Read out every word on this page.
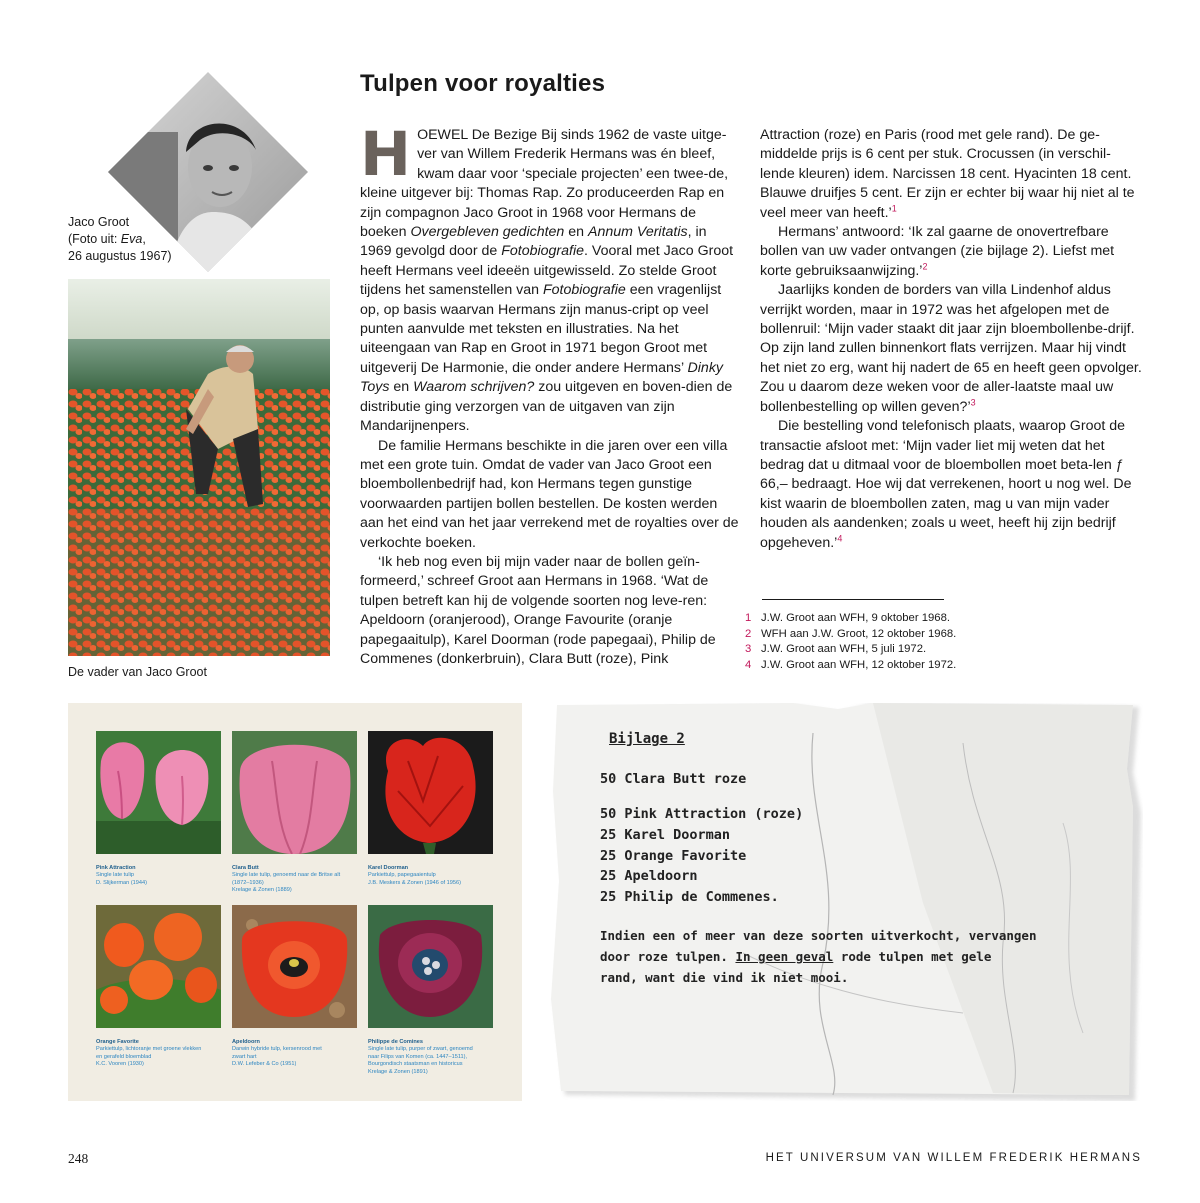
Jaco Groot
(Foto uit: Eva,
26 augustus 1967)
De vader van Jaco Groot
Tulpen voor royalties

HOEWEL De Bezige Bij sinds 1962 de vaste uitge-ver van Willem Frederik Hermans was én bleef, kwam daar voor ‘speciale projecten’ een twee-de, kleine uitgever bij: Thomas Rap. Zo produceerden Rap en zijn compagnon Jaco Groot in 1968 voor Hermans de boeken Overgebleven gedichten en Annum Veritatis, in 1969 gevolgd door de Fotobiografie. Vooral met Jaco Groot heeft Hermans veel ideeën uitgewisseld. Zo stelde Groot tijdens het samenstellen van Fotobiografie een vragenlijst op, op basis waarvan Hermans zijn manus-cript op veel punten aanvulde met teksten en illustraties. Na het uiteengaan van Rap en Groot in 1971 begon Groot met uitgeverij De Harmonie, die onder andere Hermans’ Dinky Toys en Waarom schrijven? zou uitgeven en boven-dien de distributie ging verzorgen van de uitgaven van zijn Mandarijnenpers.

De familie Hermans beschikte in die jaren over een villa met een grote tuin. Omdat de vader van Jaco Groot een bloembollenbedrijf had, kon Hermans tegen gunstige voorwaarden partijen bollen bestellen. De kosten werden aan het eind van het jaar verrekend met de royalties over de verkochte boeken.

‘Ik heb nog even bij mijn vader naar de bollen geïn-formeerd,’ schreef Groot aan Hermans in 1968. ‘Wat de tulpen betreft kan hij de volgende soorten nog leve-ren: Apeldoorn (oranjerood), Orange Favourite (oranje papegaaitulp), Karel Doorman (rode papegaai), Philip de Commenes (donkerbruin), Clara Butt (roze), Pink

Attraction (roze) en Paris (rood met gele rand). De ge-middelde prijs is 6 cent per stuk. Crocussen (in verschil-lende kleuren) idem. Narcissen 18 cent. Hyacinten 18 cent. Blauwe druifjes 5 cent. Er zijn er echter bij waar hij niet al te veel meer van heeft.’$^1$

Hermans’ antwoord: ‘Ik zal gaarne de onovertrefbare bollen van uw vader ontvangen (zie bijlage 2). Liefst met korte gebruiksaanwijzing.’$^2$

Jaarlijks konden de borders van villa Lindenhof aldus verrijkt worden, maar in 1972 was het afgelopen met de bollenruil: ‘Mijn vader staakt dit jaar zijn bloembollenbe-drijf. Op zijn land zullen binnenkort flats verrijzen. Maar hij vindt het niet zo erg, want hij nadert de 65 en heeft geen opvolger. Zou u daarom deze weken voor de aller-laatste maal uw bollenbestelling op willen geven?’$^3$

Die bestelling vond telefonisch plaats, waarop Groot de transactie afsloot met: ‘Mijn vader liet mij weten dat het bedrag dat u ditmaal voor de bloembollen moet beta-len ƒ 66,– bedraagt. Hoe wij dat verrekenen, hoort u nog wel. De kist waarin de bloembollen zaten, mag u van mijn vader houden als aandenken; zoals u weet, heeft hij zijn bedrijf opgeheven.’$^4$

1 J.W. Groot aan WFH, 9 oktober 1968.
2 WFH aan J.W. Groot, 12 oktober 1968.
3 J.W. Groot aan WFH, 5 juli 1972.
4 J.W. Groot aan WFH, 12 oktober 1972.
Pink Attraction
Single late tulip
D. Slijkerman (1944)
Clara Butt
Single late tulip, genoemd naar de Britse alt
(1872–1936)
Krelage & Zonen (1889)
Karel Doorman
Parkiettulp, papegaaientulp
J.B. Meskers & Zonen (1946 of 1956)
Orange Favorite
Parkiettulp, lichtoranje met groene vlekken
en gerafeld bloemblad
K.C. Vooren (1930)
Apeldoorn
Darwin hybride tulp, kersenrood met
zwart hart
D.W. Lefeber & Co (1951)
Philippe de Comines
Single late tulip, purper of zwart, genoemd
naar Filips van Komen (ca. 1447–1511),
Bourgondisch staatsman en historicus
Krelage & Zonen (1891)
Bijlage 2
50 Clara Butt roze
50 Pink Attraction (roze)
25 Karel Doorman
25 Orange Favorite
25 Apeldoorn
25 Philip de Commenes.
Indien een of meer van deze soorten uitverkocht, vervangen
door roze tulpen. In geen geval rode tulpen met gele
rand, want die vind ik niet mooi.
248	HET UNIVERSUM VAN WILLEM FREDERIK HERMANS
